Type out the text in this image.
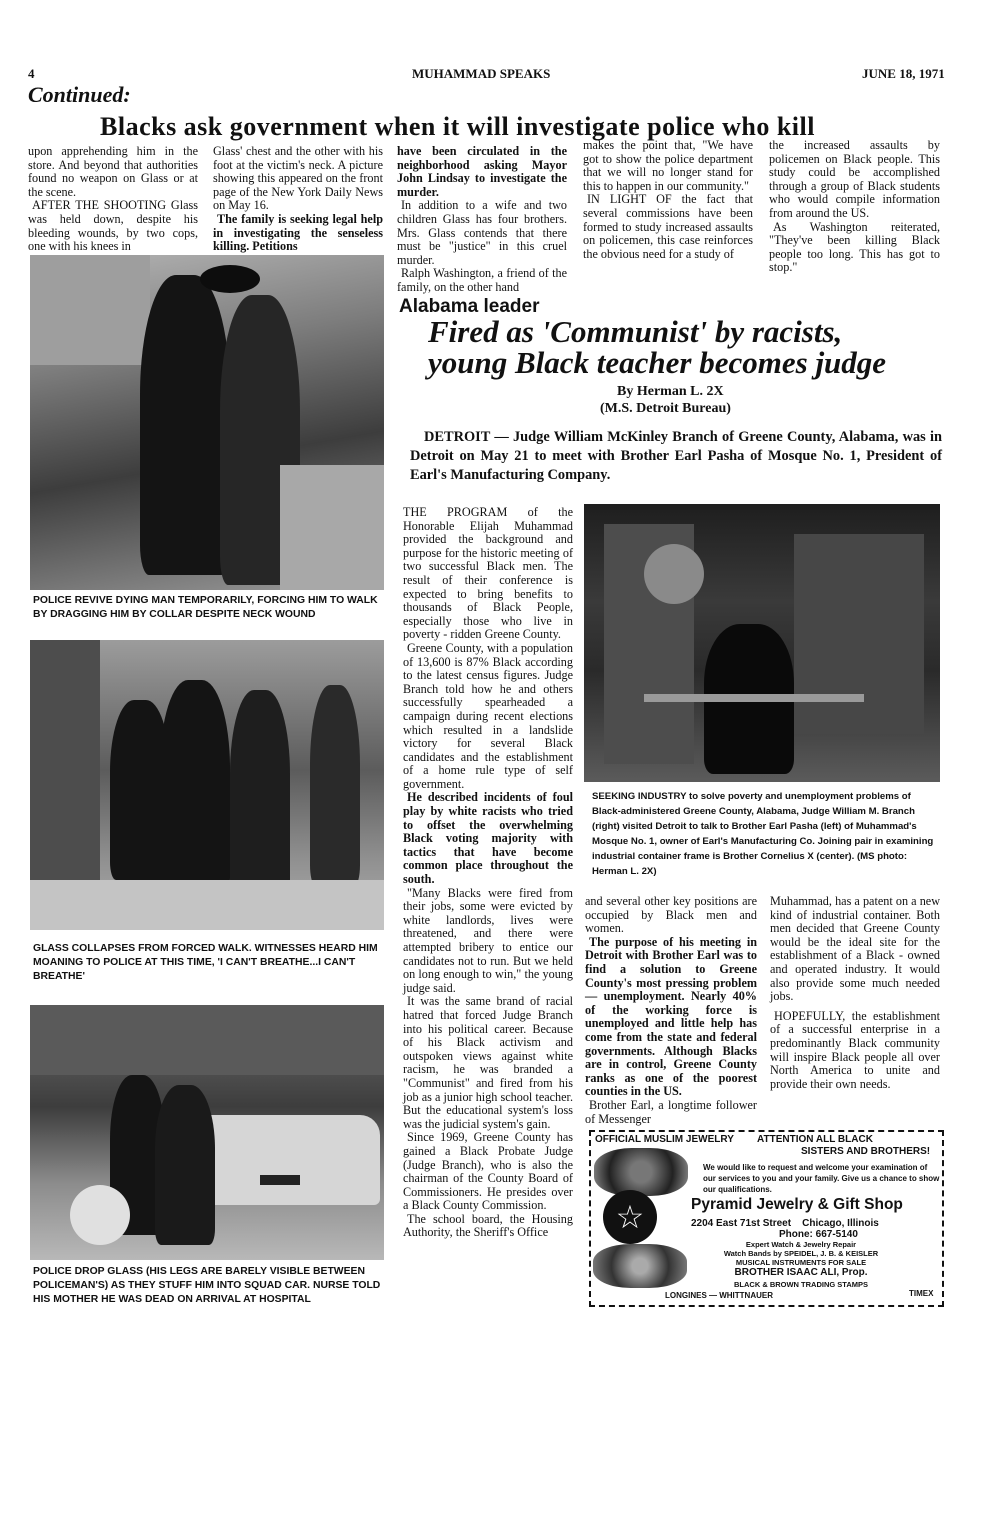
4	MUHAMMAD SPEAKS	JUNE 18, 1971
Continued:
Blacks ask government when it will investigate police who kill

upon apprehending him in the store. And beyond that authorities found no weapon on Glass or at the scene.

AFTER THE SHOOTING Glass was held down, despite his bleeding wounds, by two cops, one with his knees in

Glass' chest and the other with his foot at the victim's neck. A picture showing this appeared on the front page of the New York Daily News on May 16.

The family is seeking legal help in investigating the senseless killing. Petitions

have been circulated in the neighborhood asking Mayor John Lindsay to investigate the murder.

In addition to a wife and two children Glass has four brothers. Mrs. Glass contends that there must be "justice" in this cruel murder.

Ralph Washington, a friend of the family, on the other hand

makes the point that, "We have got to show the police department that we will no longer stand for this to happen in our community."

IN LIGHT OF the fact that several commissions have been formed to study increased assaults on policemen, this case reinforces the obvious need for a study of

the increased assaults by policemen on Black people. This study could be accomplished through a group of Black students who would compile information from around the US.

As Washington reiterated, "They've been killing Black people too long. This has got to stop."

POLICE REVIVE DYING MAN TEMPORARILY, FORCING HIM TO WALK BY DRAGGING HIM BY COLLAR DESPITE NECK WOUND
GLASS COLLAPSES FROM FORCED WALK. WITNESSES HEARD HIM MOANING TO POLICE AT THIS TIME, 'I CAN'T BREATHE...I CAN'T BREATHE'
POLICE DROP GLASS (HIS LEGS ARE BARELY VISIBLE BETWEEN POLICEMAN'S) AS THEY STUFF HIM INTO SQUAD CAR. NURSE TOLD HIS MOTHER HE WAS DEAD ON ARRIVAL AT HOSPITAL
Alabama leader
Fired as 'Communist' by racists,
young Black teacher becomes judge
By Herman L. 2X
(M.S. Detroit Bureau)
DETROIT — Judge William McKinley Branch of Greene County, Alabama, was in Detroit on May 21 to meet with Brother Earl Pasha of Mosque No. 1, President of Earl's Manufacturing Company.

THE PROGRAM of the Honorable Elijah Muhammad provided the background and purpose for the historic meeting of two successful Black men. The result of their conference is expected to bring benefits to thousands of Black People, especially those who live in poverty - ridden Greene County.

Greene County, with a population of 13,600 is 87% Black according to the latest census figures. Judge Branch told how he and others successfully spearheaded a campaign during recent elections which resulted in a landslide victory for several Black candidates and the establishment of a home rule type of self government.

He described incidents of foul play by white racists who tried to offset the overwhelming Black voting majority with tactics that have become common place throughout the south.

"Many Blacks were fired from their jobs, some were evicted by white landlords, lives were threatened, and there were attempted bribery to entice our candidates not to run. But we held on long enough to win," the young judge said.

It was the same brand of racial hatred that forced Judge Branch into his political career. Because of his Black activism and outspoken views against white racism, he was branded a "Communist" and fired from his job as a junior high school teacher. But the educational system's loss was the judicial system's gain.

Since 1969, Greene County has gained a Black Probate Judge (Judge Branch), who is also the chairman of the County Board of Commissioners. He presides over a Black County Commission.

The school board, the Housing Authority, the Sheriff's Office

SEEKING INDUSTRY to solve poverty and unemployment problems of Black-administered Greene County, Alabama, Judge William M. Branch (right) visited Detroit to talk to Brother Earl Pasha (left) of Muhammad's Mosque No. 1, owner of Earl's Manufacturing Co. Joining pair in examining industrial container frame is Brother Cornelius X (center). (MS photo: Herman L. 2X)

and several other key positions are occupied by Black men and women.

The purpose of his meeting in Detroit with Brother Earl was to find a solution to Greene County's most pressing problem — unemployment. Nearly 40% of the working force is unemployed and little help has come from the state and federal governments. Although Blacks are in control, Greene County ranks as one of the poorest counties in the US.

Brother Earl, a longtime follower of Messenger

Muhammad, has a patent on a new kind of industrial container. Both men decided that Greene County would be the ideal site for the establishment of a Black - owned and operated industry. It would also provide some much needed jobs.

HOPEFULLY, the establishment of a successful enterprise in a predominantly Black community will inspire Black people all over North America to unite and provide their own needs.

OFFICIAL MUSLIM JEWELRY ATTENTION ALL BLACK
SISTERS AND BROTHERS!
☆
We would like to request and welcome your examination of our services to you and your family. Give us a chance to show our qualifications.
Pyramid Jewelry & Gift Shop
2204 East 71st Street    Chicago, Illinois
Phone: 667-5140
Expert Watch & Jewelry Repair
Watch Bands by SPEIDEL, J. B. & KEISLER
MUSICAL INSTRUMENTS FOR SALE
BROTHER ISAAC ALI, Prop.
BLACK & BROWN TRADING STAMPS
LONGINES — WHITTNAUER	TIMEX
